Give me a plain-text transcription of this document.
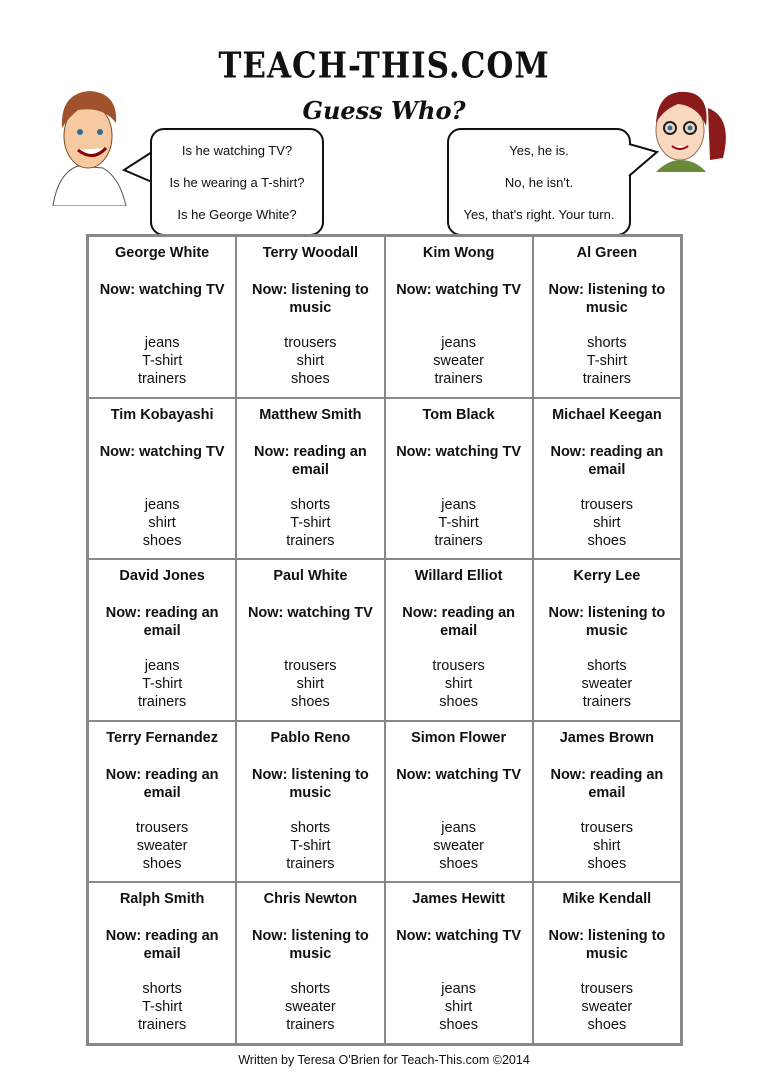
TEACH-THIS.COM
Guess Who?
Is he watching TV?
Is he wearing a T-shirt?
Is he George White?
Yes, he is.
No, he isn't.
Yes, that's right. Your turn.
George White
Now: watching TV
jeans
T-shirt
trainers
Terry Woodall
Now: listening to music
trousers
shirt
shoes
Kim Wong
Now: watching TV
jeans
sweater
trainers
Al Green
Now: listening to music
shorts
T-shirt
trainers
Tim Kobayashi
Now: watching TV
jeans
shirt
shoes
Matthew Smith
Now: reading an email
shorts
T-shirt
trainers
Tom Black
Now: watching TV
jeans
T-shirt
trainers
Michael Keegan
Now: reading an email
trousers
shirt
shoes
David Jones
Now: reading an email
jeans
T-shirt
trainers
Paul White
Now: watching TV
trousers
shirt
shoes
Willard Elliot
Now: reading an email
trousers
shirt
shoes
Kerry Lee
Now: listening to music
shorts
sweater
trainers
Terry Fernandez
Now: reading an email
trousers
sweater
shoes
Pablo Reno
Now: listening to music
shorts
T-shirt
trainers
Simon Flower
Now: watching TV
jeans
sweater
shoes
James Brown
Now: reading an email
trousers
shirt
shoes
Ralph Smith
Now: reading an email
shorts
T-shirt
trainers
Chris Newton
Now: listening to music
shorts
sweater
trainers
James Hewitt
Now: watching TV
jeans
shirt
shoes
Mike Kendall
Now: listening to music
trousers
sweater
shoes
Written by Teresa O'Brien for Teach-This.com ©2014
